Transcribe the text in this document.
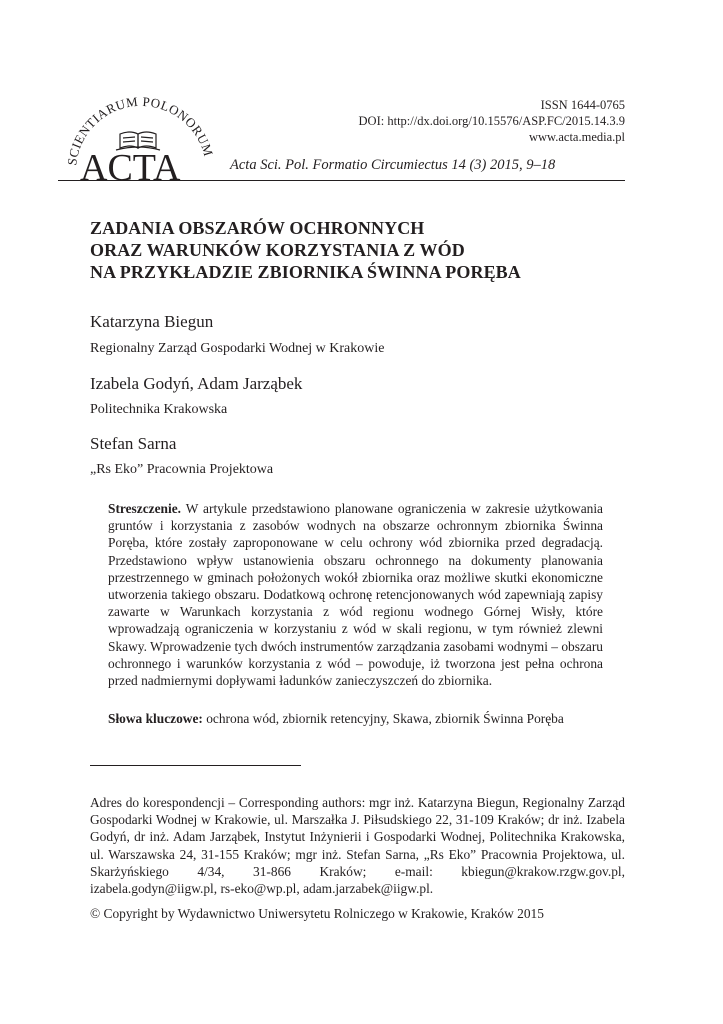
SCIENTIARUM POLONORUM
ACTA
ISSN 1644-0765
DOI: http://dx.doi.org/10.15576/ASP.FC/2015.14.3.9
www.acta.media.pl
Acta Sci. Pol. Formatio Circumiectus 14 (3) 2015, 9–18
ZADANIA OBSZARÓW OCHRONNYCH
ORAZ WARUNKÓW KORZYSTANIA Z WÓD
NA PRZYKŁADZIE ZBIORNIKA ŚWINNA PORĘBA
Katarzyna Biegun
Regionalny Zarząd Gospodarki Wodnej w Krakowie
Izabela Godyń, Adam Jarząbek
Politechnika Krakowska
Stefan Sarna
„Rs Eko” Pracownia Projektowa
Streszczenie. W artykule przedstawiono planowane ograniczenia w zakresie użytkowania gruntów i korzystania z zasobów wodnych na obszarze ochronnym zbiornika Świnna Poręba, które zostały zaproponowane w celu ochrony wód zbiornika przed degradacją. Przedstawiono wpływ ustanowienia obszaru ochronnego na dokumenty planowania przestrzennego w gminach położonych wokół zbiornika oraz możliwe skutki ekonomiczne utworzenia takiego obszaru. Dodatkową ochronę retencjonowanych wód zapewniają zapisy zawarte w Warunkach korzystania z wód regionu wodnego Górnej Wisły, które wprowadzają ograniczenia w korzystaniu z wód w skali regionu, w tym również zlewni Skawy. Wprowadzenie tych dwóch instrumentów zarządzania zasobami wodnymi – obszaru ochronnego i warunków korzystania z wód – powoduje, iż tworzona jest pełna ochrona przed nadmiernymi dopływami ładunków zanieczyszczeń do zbiornika.
Słowa kluczowe: ochrona wód, zbiornik retencyjny, Skawa, zbiornik Świnna Poręba
Adres do korespondencji – Corresponding authors: mgr inż. Katarzyna Biegun, Regionalny Zarząd Gospodarki Wodnej w Krakowie, ul. Marszałka J. Piłsudskiego 22, 31-109 Kraków; dr inż. Izabela Godyń, dr inż. Adam Jarząbek, Instytut Inżynierii i Gospodarki Wodnej, Politechnika Krakowska, ul. Warszawska 24, 31-155 Kraków; mgr inż. Stefan Sarna, „Rs Eko” Pracownia Projektowa, ul. Skarżyńskiego 4/34, 31-866 Kraków; e-mail: kbiegun@krakow.rzgw.gov.pl, izabela.godyn@iigw.pl, rs-eko@wp.pl, adam.jarzabek@iigw.pl.
© Copyright by Wydawnictwo Uniwersytetu Rolniczego w Krakowie, Kraków 2015
